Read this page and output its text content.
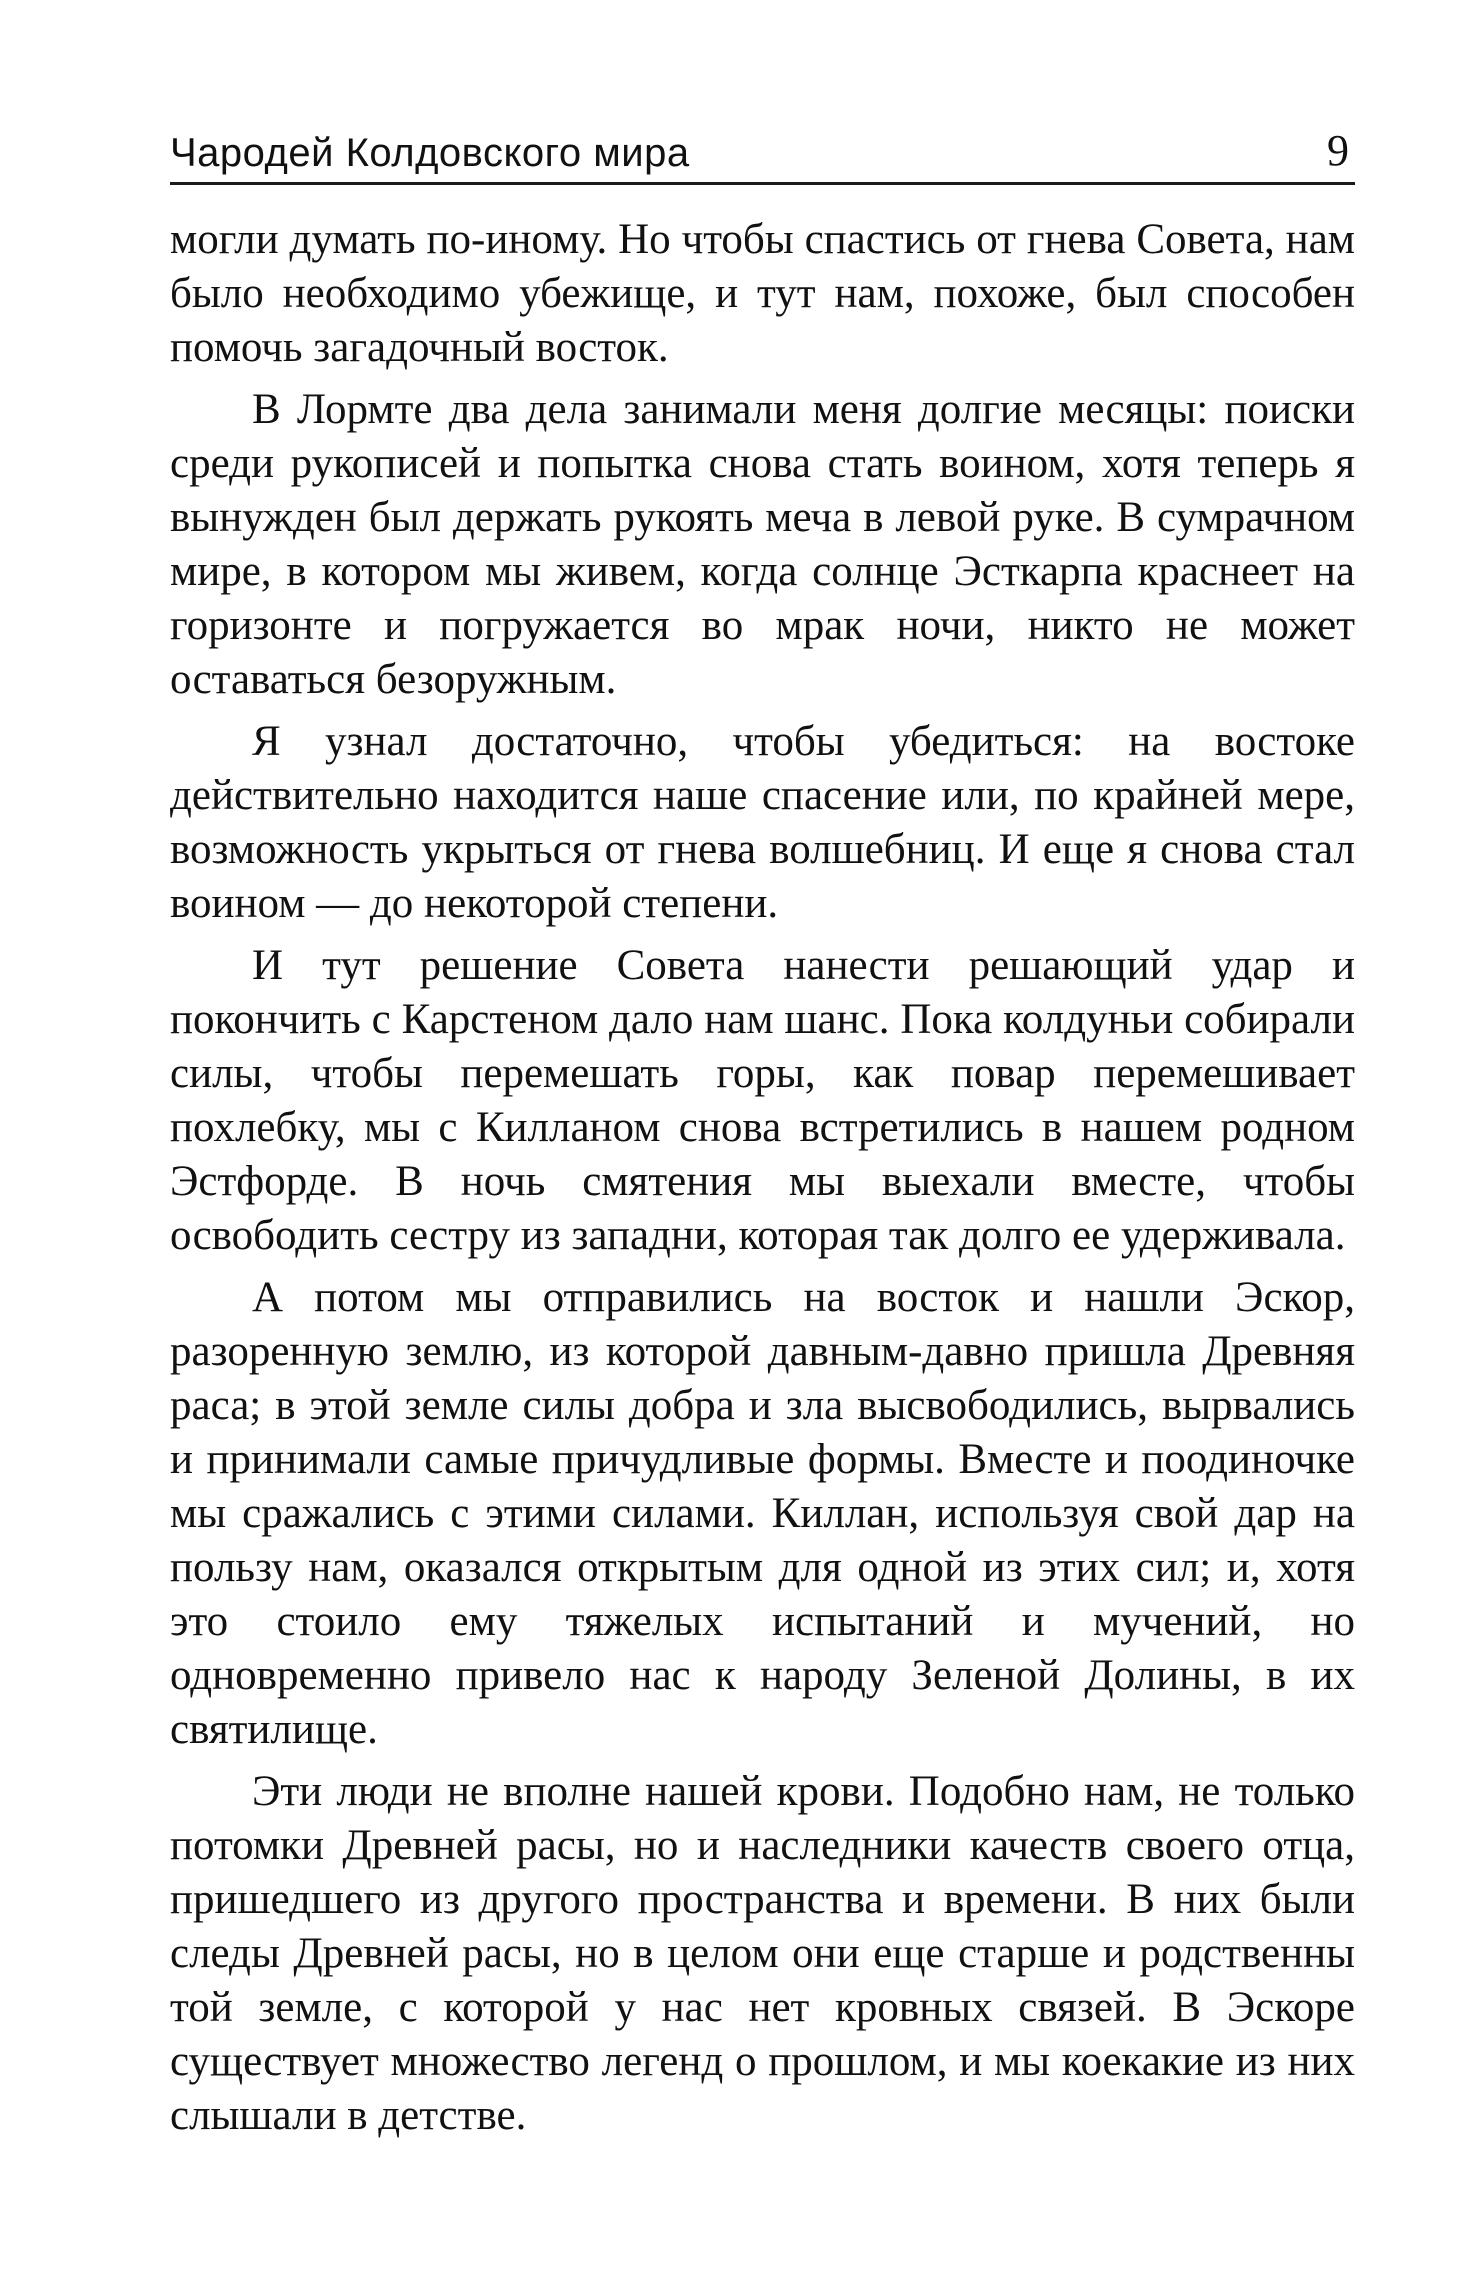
Чародей Колдовского мира	9

могли думать по-иному. Но чтобы спастись от гнева Совета, нам было необходимо убежище, и тут нам, похоже, был способен помочь загадочный восток.

В Лормте два дела занимали меня долгие месяцы: поиски среди рукописей и попытка снова стать воином, хотя теперь я вынужден был держать рукоять меча в левой руке. В сумрачном мире, в котором мы живем, когда солнце Эсткарпа краснеет на горизонте и погружается во мрак ночи, никто не может оставаться безоружным.

Я узнал достаточно, чтобы убедиться: на востоке действительно находится наше спасение или, по крайней мере, возможность укрыться от гнева волшебниц. И еще я снова стал воином — до некоторой степени.

И тут решение Совета нанести решающий удар и покончить с Карстеном дало нам шанс. Пока колдуньи собирали силы, чтобы перемешать горы, как повар перемешивает похлебку, мы с Килланом снова встретились в нашем родном Эстфорде. В ночь смятения мы выехали вместе, чтобы освободить сестру из западни, которая так долго ее удерживала.

А потом мы отправились на восток и нашли Эскор, разоренную землю, из которой давным-давно пришла Древняя раса; в этой земле силы добра и зла высвободились, вырвались и принимали самые причудливые формы. Вместе и поодиночке мы сражались с этими силами. Киллан, используя свой дар на пользу нам, оказался открытым для одной из этих сил; и, хотя это стоило ему тяжелых испытаний и мучений, но одновременно привело нас к народу Зеленой Долины, в их святилище.

Эти люди не вполне нашей крови. Подобно нам, не только потомки Древней расы, но и наследники качеств своего отца, пришедшего из другого пространства и времени. В них были следы Древней расы, но в целом они еще старше и родственны той земле, с которой у нас нет кровных связей. В Эскоре существует множество легенд о прошлом, и мы коекакие из них слышали в детстве.
